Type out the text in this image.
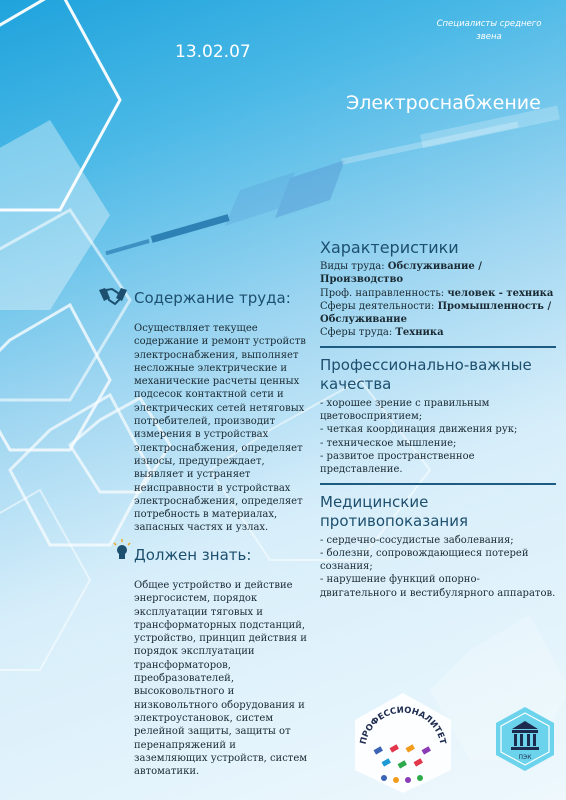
Специалисты среднего
звена
13.02.07
Электроснабжение
Содержание труда:
Осуществляет текущее содержание и ремонт устройств электроснабжения, выполняет несложные электрические и механические расчеты ценных подсесок контактной сети и электрических сетей нетяговых потребителей, производит измерения в устройствах электроснабжения, определяет износы, предупреждает, выявляет и устраняет неисправности в устройствах электроснабжения, определяет потребность в материалах, запасных частях и узлах.
Должен знать:
Общее устройство и действие энергосистем, порядок эксплуатации тяговых и трансформаторных подстанций, устройство, принцип действия и порядок эксплуатации трансформаторов, преобразователей, высоковольтного и низковольтного оборудования и электроустановок, систем релейной защиты, защиты от перенапряжений и заземляющих устройств, систем автоматики.
Характеристики
Виды труда: Обслуживание / Производство
Проф. направленность: человек - техника
Сферы деятельности: Промышленность / Обслуживание
Сферы труда: Техника
Профессионально-важные качества
- хорошее зрение с правильным цветовосприятием;
- четкая координация движения рук;
- техническое мышление;
- развитое пространственное представление.
Медицинские противопоказания
- сердечно-сосудистые заболевания;
- болезни, сопровождающиеся потерей сознания;
- нарушение функций опорно-двигательного и вестибулярного аппаратов.
ПРОФЕССИОНАЛИТЕТ
ПЭК
